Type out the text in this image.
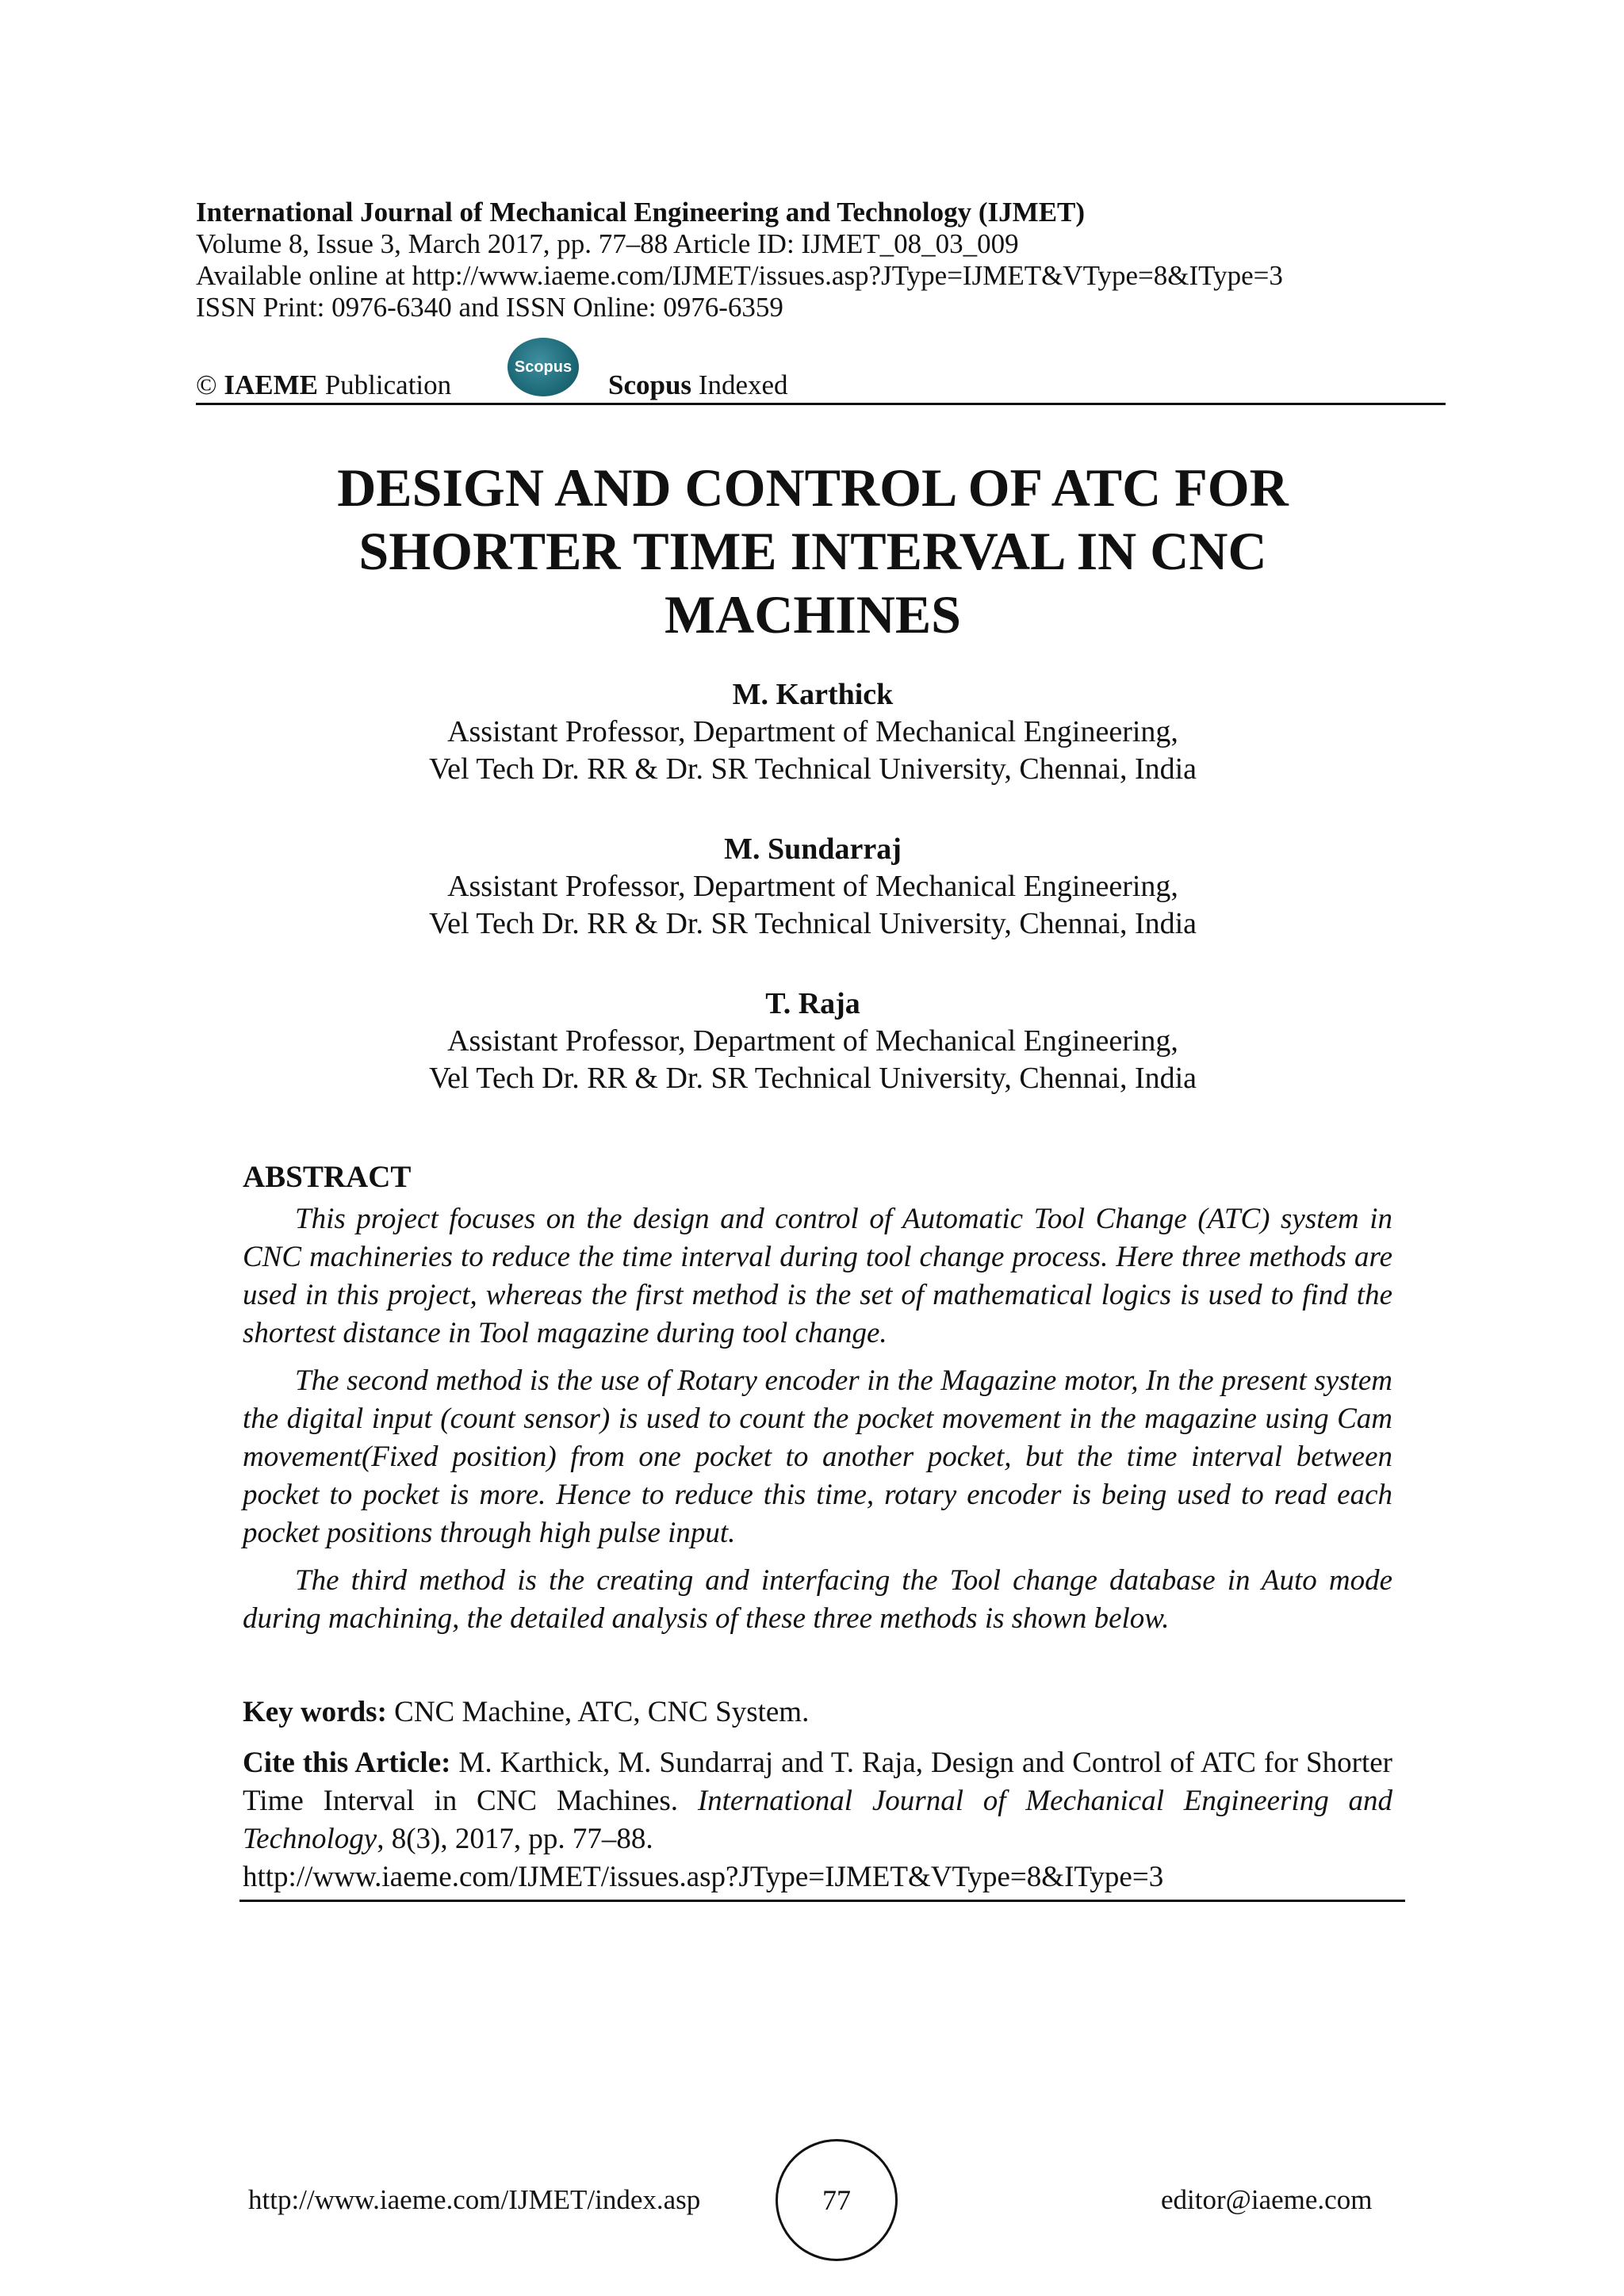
International Journal of Mechanical Engineering and Technology (IJMET)
Volume 8, Issue 3, March 2017, pp. 77–88 Article ID: IJMET_08_03_009
Available online at http://www.iaeme.com/IJMET/issues.asp?JType=IJMET&VType=8&IType=3
ISSN Print: 0976-6340 and ISSN Online: 0976-6359
© IAEME Publication
Scopus
Scopus Indexed
DESIGN AND CONTROL OF ATC FOR
SHORTER TIME INTERVAL IN CNC
MACHINES
M. Karthick
Assistant Professor, Department of Mechanical Engineering,
Vel Tech Dr. RR & Dr. SR Technical University, Chennai, India
M. Sundarraj
Assistant Professor, Department of Mechanical Engineering,
Vel Tech Dr. RR & Dr. SR Technical University, Chennai, India
T. Raja
Assistant Professor, Department of Mechanical Engineering,
Vel Tech Dr. RR & Dr. SR Technical University, Chennai, India
ABSTRACT

This project focuses on the design and control of Automatic Tool Change (ATC) system in CNC machineries to reduce the time interval during tool change process. Here three methods are used in this project, whereas the first method is the set of mathematical logics is used to find the shortest distance in Tool magazine during tool change.

The second method is the use of Rotary encoder in the Magazine motor, In the present system the digital input (count sensor) is used to count the pocket movement in the magazine using Cam movement(Fixed position) from one pocket to another pocket, but the time interval between pocket to pocket is more. Hence to reduce this time, rotary encoder is being used to read each pocket positions through high pulse input.

The third method is the creating and interfacing the Tool change database in Auto mode during machining, the detailed analysis of these three methods is shown below.

Key words: CNC Machine, ATC, CNC System.
Cite this Article: M. Karthick, M. Sundarraj and T. Raja, Design and Control of ATC for Shorter Time Interval in CNC Machines. International Journal of Mechanical Engineering and Technology, 8(3), 2017, pp. 77–88.
http://www.iaeme.com/IJMET/issues.asp?JType=IJMET&VType=8&IType=3
http://www.iaeme.com/IJMET/index.asp	77	editor@iaeme.com
